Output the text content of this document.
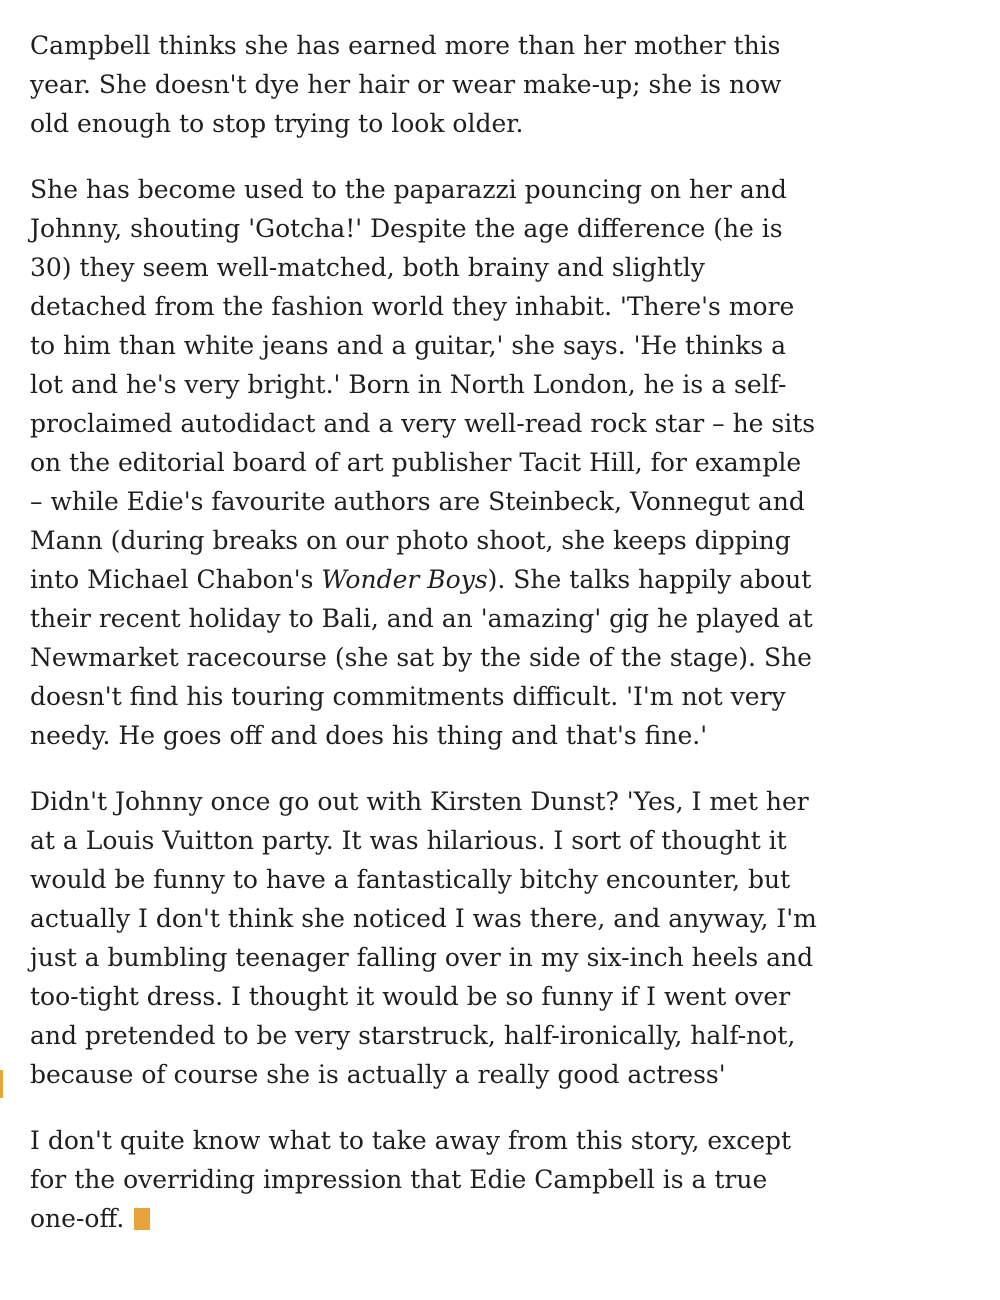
Campbell thinks she has earned more than her mother this year. She doesn't dye her hair or wear make-up; she is now old enough to stop trying to look older.

She has become used to the paparazzi pouncing on her and Johnny, shouting 'Gotcha!' Despite the age difference (he is 30) they seem well-matched, both brainy and slightly detached from the fashion world they inhabit. 'There's more to him than white jeans and a guitar,' she says. 'He thinks a lot and he's very bright.' Born in North London, he is a self-proclaimed autodidact and a very well-read rock star – he sits on the editorial board of art publisher Tacit Hill, for example – while Edie's favourite authors are Steinbeck, Vonnegut and Mann (during breaks on our photo shoot, she keeps dipping into Michael Chabon's Wonder Boys). She talks happily about their recent holiday to Bali, and an 'amazing' gig he played at Newmarket racecourse (she sat by the side of the stage). She doesn't find his touring commitments difficult. 'I'm not very needy. He goes off and does his thing and that's fine.'

Didn't Johnny once go out with Kirsten Dunst? 'Yes, I met her at a Louis Vuitton party. It was hilarious. I sort of thought it would be funny to have a fantastically bitchy encounter, but actually I don't think she noticed I was there, and anyway, I'm just a bumbling teenager falling over in my six-inch heels and too-tight dress. I thought it would be so funny if I went over and pretended to be very starstruck, half-ironically, half-not, because of course she is actually a really good actress'

I don't quite know what to take away from this story, except for the overriding impression that Edie Campbell is a true one-off.
